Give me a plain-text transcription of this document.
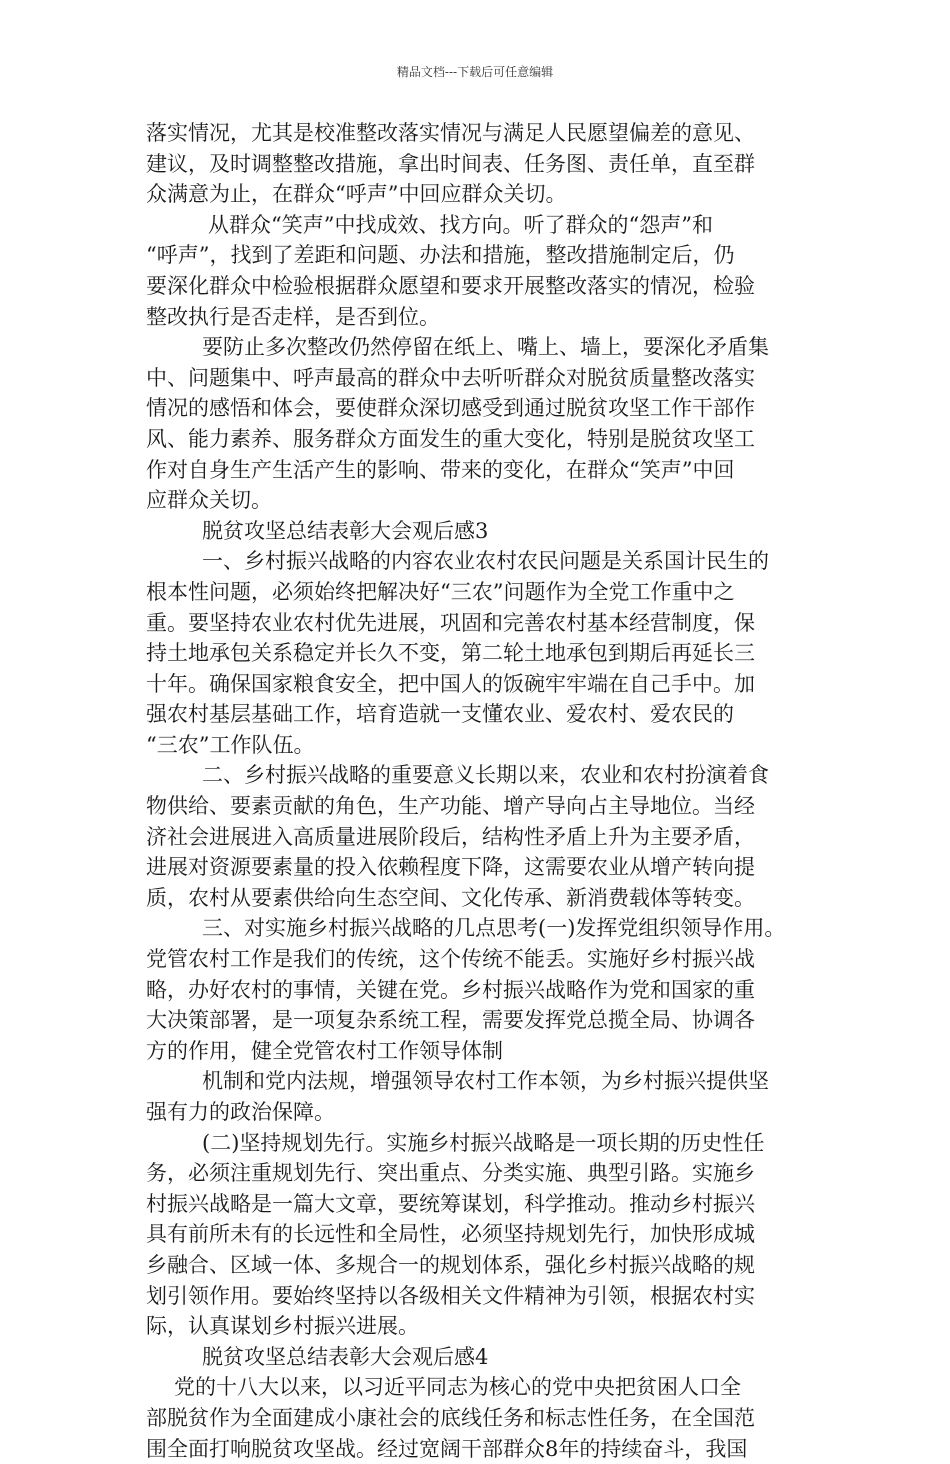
精品文档---下载后可任意编辑
落实情况，尤其是校准整改落实情况与满足人民愿望偏差的意见、
建议，及时调整整改措施，拿出时间表、任务图、责任单，直至群
众满意为止，在群众“呼声”中回应群众关切。
从群众“笑声”中找成效、找方向。听了群众的“怨声”和
“呼声”，找到了差距和问题、办法和措施，整改措施制定后，仍
要深化群众中检验根据群众愿望和要求开展整改落实的情况，检验
整改执行是否走样，是否到位。
要防止多次整改仍然停留在纸上、嘴上、墙上，要深化矛盾集
中、问题集中、呼声最高的群众中去听听群众对脱贫质量整改落实
情况的感悟和体会，要使群众深切感受到通过脱贫攻坚工作干部作
风、能力素养、服务群众方面发生的重大变化，特别是脱贫攻坚工
作对自身生产生活产生的影响、带来的变化，在群众“笑声”中回
应群众关切。
脱贫攻坚总结表彰大会观后感3
一、乡村振兴战略的内容农业农村农民问题是关系国计民生的
根本性问题，必须始终把解决好“三农”问题作为全党工作重中之
重。要坚持农业农村优先进展，巩固和完善农村基本经营制度，保
持土地承包关系稳定并长久不变，第二轮土地承包到期后再延长三
十年。确保国家粮食安全，把中国人的饭碗牢牢端在自己手中。加
强农村基层基础工作，培育造就一支懂农业、爱农村、爱农民的
“三农”工作队伍。
二、乡村振兴战略的重要意义长期以来，农业和农村扮演着食
物供给、要素贡献的角色，生产功能、增产导向占主导地位。当经
济社会进展进入高质量进展阶段后，结构性矛盾上升为主要矛盾，
进展对资源要素量的投入依赖程度下降，这需要农业从增产转向提
质，农村从要素供给向生态空间、文化传承、新消费载体等转变。
三、对实施乡村振兴战略的几点思考(一)发挥党组织领导作用。
党管农村工作是我们的传统，这个传统不能丢。实施好乡村振兴战
略，办好农村的事情，关键在党。乡村振兴战略作为党和国家的重
大决策部署，是一项复杂系统工程，需要发挥党总揽全局、协调各
方的作用，健全党管农村工作领导体制
机制和党内法规，增强领导农村工作本领，为乡村振兴提供坚
强有力的政治保障。
(二)坚持规划先行。实施乡村振兴战略是一项长期的历史性任
务，必须注重规划先行、突出重点、分类实施、典型引路。实施乡
村振兴战略是一篇大文章，要统筹谋划，科学推动。推动乡村振兴
具有前所未有的长远性和全局性，必须坚持规划先行，加快形成城
乡融合、区域一体、多规合一的规划体系，强化乡村振兴战略的规
划引领作用。要始终坚持以各级相关文件精神为引领，根据农村实
际，认真谋划乡村振兴进展。
脱贫攻坚总结表彰大会观后感4
党的十八大以来，以习近平同志为核心的党中央把贫困人口全
部脱贫作为全面建成小康社会的底线任务和标志性任务，在全国范
围全面打响脱贫攻坚战。经过宽阔干部群众8年的持续奋斗，我国
